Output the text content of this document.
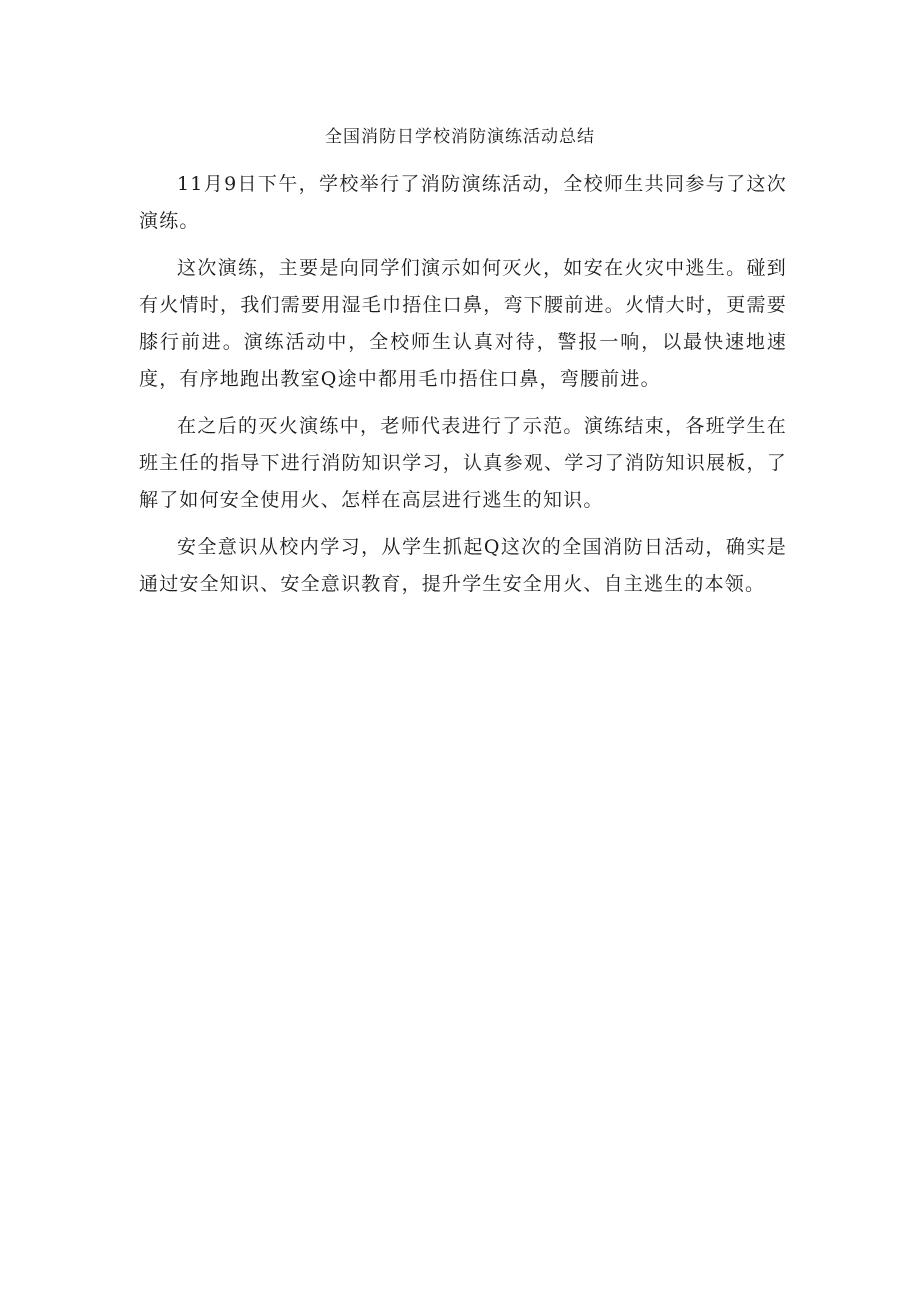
全国消防日学校消防演练活动总结

11月9日下午，学校举行了消防演练活动，全校师生共同参与了这次演练。

这次演练，主要是向同学们演示如何灭火，如安在火灾中逃生。碰到有火情时，我们需要用湿毛巾捂住口鼻，弯下腰前进。火情大时，更需要膝行前进。演练活动中，全校师生认真对待，警报一响，以最快速地速度，有序地跑出教室Q途中都用毛巾捂住口鼻，弯腰前进。

在之后的灭火演练中，老师代表进行了示范。演练结束，各班学生在班主任的指导下进行消防知识学习，认真参观、学习了消防知识展板，了解了如何安全使用火、怎样在高层进行逃生的知识。

安全意识从校内学习，从学生抓起Q这次的全国消防日活动，确实是通过安全知识、安全意识教育，提升学生安全用火、自主逃生的本领。
